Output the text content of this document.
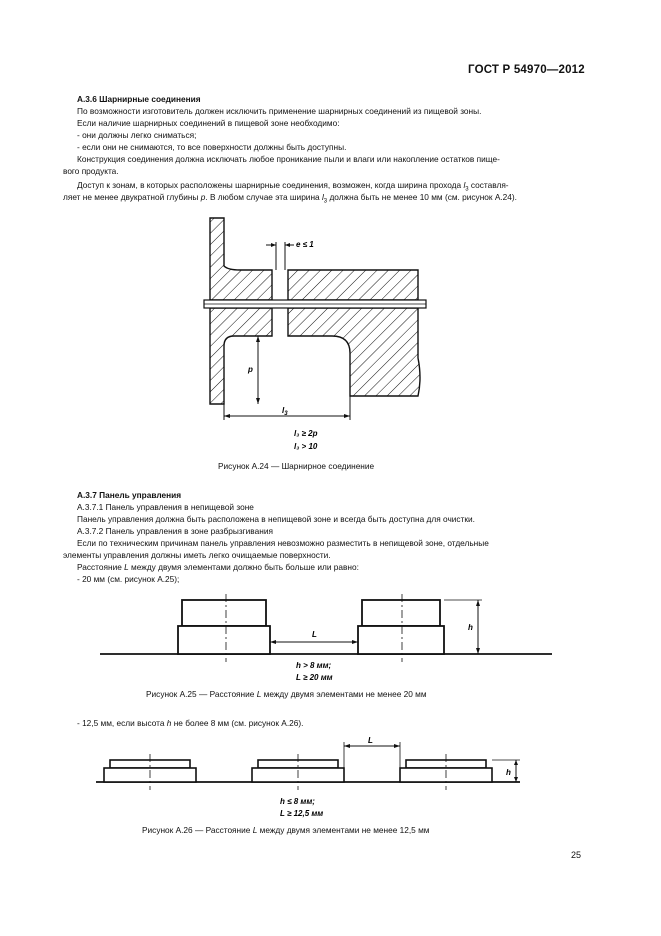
ГОСТ Р 54970—2012
А.3.6 Шарнирные соединения
По возможности изготовитель должен исключить применение шарнирных соединений из пищевой зоны.
Если наличие шарнирных соединений в пищевой зоне необходимо:
- они должны легко сниматься;
- если они не снимаются, то все поверхности должны быть доступны.
Конструкция соединения должна исключать любое проникание пыли и влаги или накопление остатков пище-
вого продукта.
Доступ к зонам, в которых расположены шарнирные соединения, возможен, когда ширина прохода $l_3$ составля-
ляет не менее двукратной глубины p. В любом случае эта ширина $l_3$ должна быть не менее 10 мм (см. рисунок А.24).
e ≤ 1
p
$l_3$
l₃ ≥ 2p
l₃ > 10
Рисунок А.24 — Шарнирное соединение
А.3.7 Панель управления
А.3.7.1 Панель управления в непищевой зоне
Панель управления должна быть расположена в непищевой зоне и всегда быть доступна для очистки.
А.3.7.2 Панель управления в зоне разбрызгивания
Если по техническим причинам панель управления невозможно разместить в непищевой зоне, отдельные
элементы управления должны иметь легко очищаемые поверхности.
Расстояние L между двумя элементами должно быть больше или равно:
- 20 мм (см. рисунок А.25);
L
h
h > 8 мм;
L ≥ 20 мм
Рисунок А.25 — Расстояние L между двумя элементами не менее 20 мм
- 12,5 мм, если высота h не более 8 мм (см. рисунок А.26).
L
h
h ≤ 8 мм;
L ≥ 12,5 мм
Рисунок А.26 — Расстояние L между двумя элементами не менее 12,5 мм
25
